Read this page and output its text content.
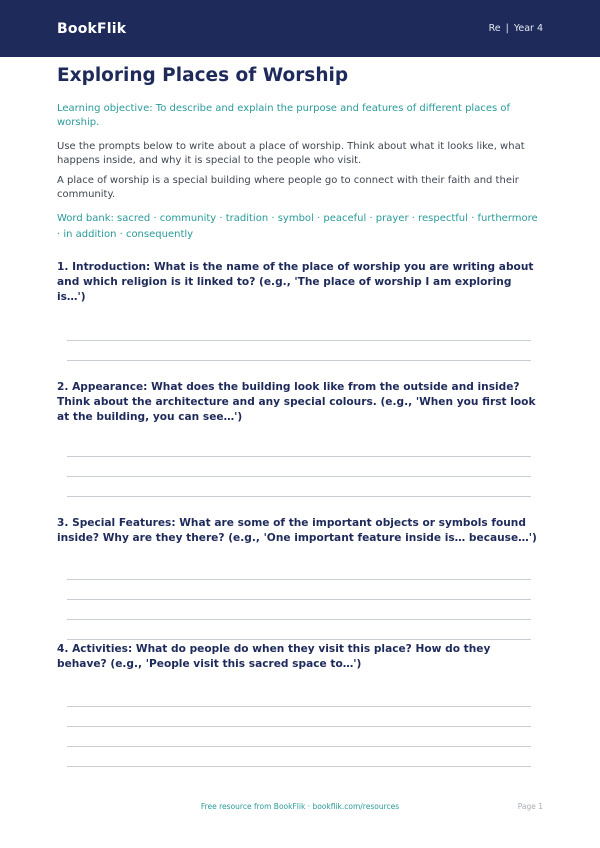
BookFlik	Re | Year 4
Exploring Places of Worship

Learning objective: To describe and explain the purpose and features of different places of worship.

Use the prompts below to write about a place of worship. Think about what it looks like, what happens inside, and why it is special to the people who visit.

A place of worship is a special building where people go to connect with their faith and their community.

Word bank: sacred · community · tradition · symbol · peaceful · prayer · respectful · furthermore · in addition · consequently

1. Introduction: What is the name of the place of worship you are writing about and which religion is it linked to? (e.g., 'The place of worship I am exploring is…')
2. Appearance: What does the building look like from the outside and inside? Think about the architecture and any special colours. (e.g., 'When you first look at the building, you can see…')
3. Special Features: What are some of the important objects or symbols found inside? Why are they there? (e.g., 'One important feature inside is… because…')
4. Activities: What do people do when they visit this place? How do they behave? (e.g., 'People visit this sacred space to…')
Free resource from BookFlik · bookflik.com/resources	Page 1
